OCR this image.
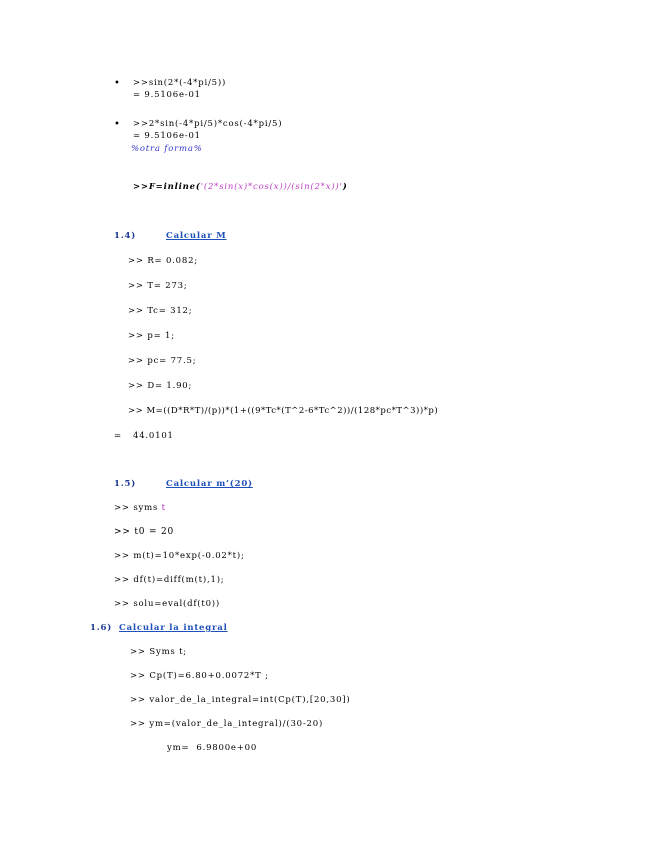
• >>sin(2*(-4*pi/5))
= 9.5106e-01
• >>2*sin(-4*pi/5)*cos(-4*pi/5)
= 9.5106e-01
%otra forma%
>>F=inline('(2*sin(x)*cos(x))/(sin(2*x))')
1.4)	Calcular M
>> R= 0.082;
>> T= 273;
>> Tc= 312;
>> p= 1;
>> pc= 77.5;
>> D= 1.90;
>> M=((D*R*T)/(p))*(1+((9*Tc*(T^2-6*Tc^2))/(128*pc*T^3))*p)
= 44.0101
1.5)	Calcular m’(20)
>> syms t
>> t0 = 20
>> m(t)=10*exp(-0.02*t);
>> df(t)=diff(m(t),1);
>> solu=eval(df(t0))
1.6) Calcular la integral
>> Syms t;
>> Cp(T)=6.80+0.0072*T ;
>> valor_de_la_integral=int(Cp(T),[20,30])
>> ym=(valor_de_la_integral)/(30-20)
ym=  6.9800e+00
